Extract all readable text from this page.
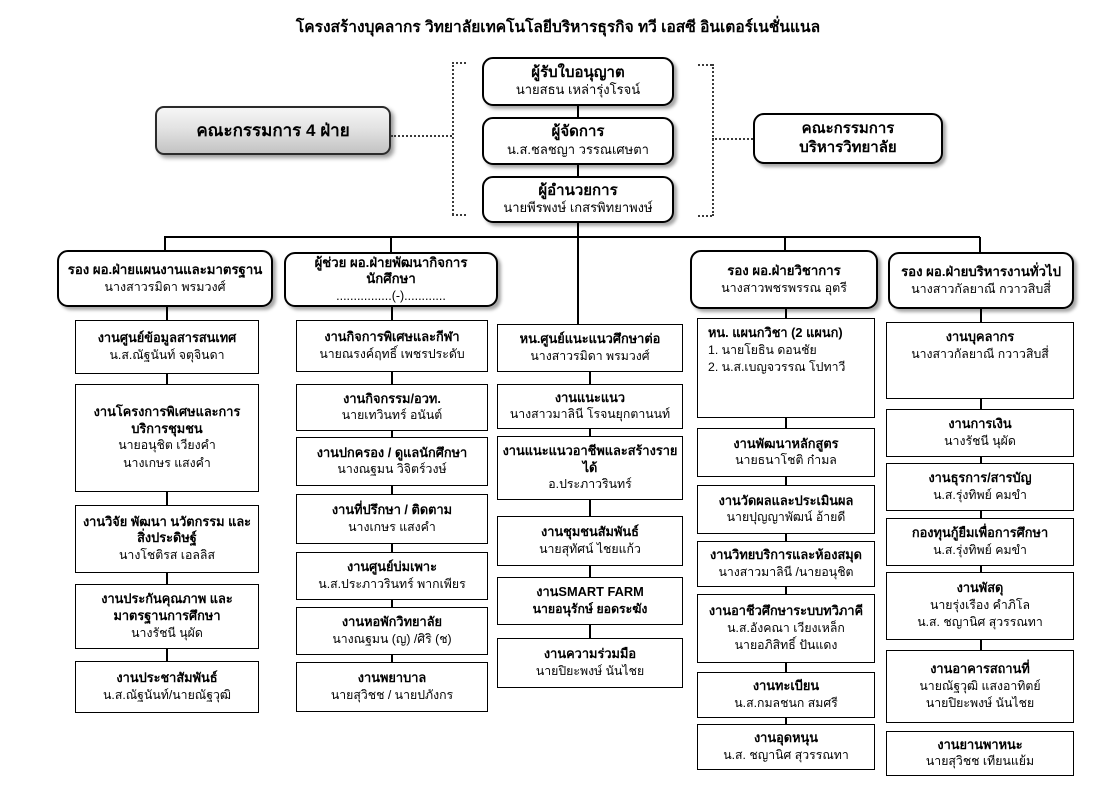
โครงสร้างบุคลากร วิทยาลัยเทคโนโลยีบริหารธุรกิจ ทวี เอสซี อินเตอร์เนชั่นแนล
ผู้รับใบอนุญาต
นายสธน เหล่ารุ่งโรจน์
ผู้จัดการ
น.ส.ชลชญา วรรณเศษตา
ผู้อำนวยการ
นายพีรพงษ์ เกสรพิทยาพงษ์
คณะกรรมการ 4 ฝ่าย	คณะกรรมการ
บริหารวิทยาลัย
รอง ผอ.ฝ่ายแผนงานและมาตรฐาน
นางสาวรมิดา พรมวงศ์
ผู้ช่วย ผอ.ฝ่ายพัฒนากิจการนักศึกษา
................(-)............
รอง ผอ.ฝ่ายวิชาการ
นางสาวพชรพรรณ อุตรี
รอง ผอ.ฝ่ายบริหารงานทั่วไป
นางสาวกัลยาณี กวาวสิบสี่
งานศูนย์ข้อมูลสารสนเทศ
น.ส.ณัฐนันท์ จตุจินดา
งานโครงการพิเศษและการ บริการชุมชน
นายอนุชิต เวียงคำ
นางเกษร แสงคำ
งานวิจัย พัฒนา นวัตกรรม และสิ่งประดิษฐ์
นางโชติรส เอลลิส
งานประกันคุณภาพ และมาตรฐานการศึกษา
นางรัชนี นุผัด
งานประชาสัมพันธ์
น.ส.ณัฐนันท์/นายณัฐวุฒิ
งานกิจการพิเศษและกีฬา
นายณรงค์ฤทธิ์ เพชรประดับ
งานกิจกรรม/อวท.
นายเทวินทร์ อนันต์
งานปกครอง / ดูแลนักศึกษา
นางณฐมน วิจิตร์วงษ์
งานที่ปรึกษา / ติดตาม
นางเกษร แสงคำ
งานศูนย์บ่มเพาะ
น.ส.ประภาวรินทร์ พากเพียร
งานหอพักวิทยาลัย
นางณฐมน (ญ) /ศิริ (ช)
งานพยาบาล
นายสุวิชช / นายปภังกร
หน.ศูนย์แนะแนวศึกษาต่อ
นางสาวรมิดา พรมวงศ์
งานแนะแนว
นางสาวมาลินี โรจนยุกตานนท์
งานแนะแนวอาชีพและสร้างรายได้
อ.ประภาวรินทร์
งานชุมชนสัมพันธ์
นายสุทัศน์ ไชยแก้ว
งานSMART FARM
นายอนุรักษ์ ยอดระฆัง
งานความร่วมมือ
นายปิยะพงษ์ นันไชย
หน. แผนกวิชา (2 แผนก)
1. นายโยธิน ดอนชัย
2. น.ส.เบญจวรรณ โปทาวี
งานพัฒนาหลักสูตร
นายธนาโชติ ก๋ามล
งานวัดผลและประเมินผล
นายปุญญาพัฒน์ อ้ายดี
งานวิทยบริการและห้องสมุด
นางสาวมาลินี /นายอนุชิต
งานอาชีวศึกษาระบบทวิภาคี
น.ส.อังคณา เวียงเหล็ก
นายอภิสิทธิ์ ปันแดง
งานทะเบียน
น.ส.กมลชนก สมศรี
งานอุดหนุน
น.ส. ชญานิศ สุวรรณทา
งานบุคลากร
นางสาวกัลยาณี กวาวสิบสี่
งานการเงิน
นางรัชนี นุผัด
งานธุรการ/สารบัญ
น.ส.รุ่งทิพย์ คมขำ
กองทุนกู้ยืมเพื่อการศึกษา
น.ส.รุ่งทิพย์ คมขำ
งานพัสดุ
นายรุ่งเรือง คำภิโล
น.ส. ชญานิศ สุวรรณทา
งานอาคารสถานที่
นายณัฐวุฒิ แสงอาทิตย์
นายปิยะพงษ์ นันไชย
งานยานพาหนะ
นายสุวิชช เทียนแย้ม
